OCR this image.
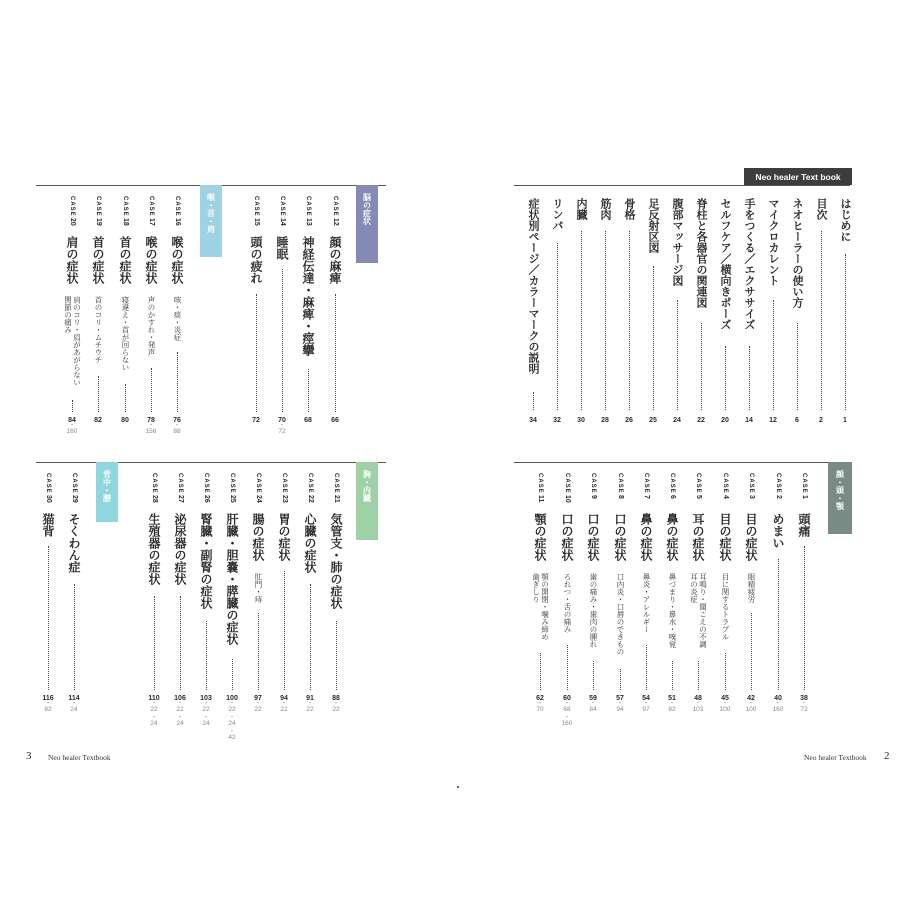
脳の症状
喉・首・肩
胸・内臓
背中・腰
CASE
12
顔の麻痺
66
CASE
13
神経伝達・麻痺・痙攣
68
CASE
14
睡眠
70
・
72
CASE
15
頭の疲れ
72
CASE
16
喉の症状
咳・痰・炎症
76
・
88
CASE
17
喉の症状
声のかすれ・発声
78
・
156
CASE
18
首の症状
寝違え・首が回らない
80
CASE
19
首の症状
首のコリ・ムチウチ
82
CASE
20
肩の症状
肩のコリ・肩があがらない
関節の痛み
84
・
160
CASE
21
気管支・肺の症状
88
・
22
CASE
22
心臓の症状
91
・
22
CASE
23
胃の症状
94
・
22
CASE
24
腸の症状
肛門・痔
97
・
22
CASE
25
肝臓・胆嚢・膵臓の症状
100
・
22
・
24
・
42
CASE
26
腎臓・副腎の症状
103
・
22
・
24
CASE
27
泌尿器の症状
106
・
22
・
24
CASE
28
生殖器の症状
110
・
22
・
24
CASE
29
そくわん症
114
・
24
CASE
30
猫背
116
・
82
3 Neo healer Textbook
Neo healer Text book
顔・頭・顎
はじめに
1
目次
2
ネオヒーラーの使い方
6
マイクロカレント
12
手をつくる／エクササイズ
14
セルフケア／横向きポーズ
20
脊柱と各器官の関連図
22
腹部マッサージ図
24
足反射区図
25
骨格
26
筋肉
28
内臓
30
リンパ
32
症状別ページ／カラーマークの説明
34
CASE
1
頭痛
38
・
72
CASE
2
めまい
40
・
160
CASE
3
目の症状
眼精疲労
42
・
100
CASE
4
目の症状
目に関するトラブル
45
・
100
CASE
5
耳の症状
耳鳴り・聞こえの不調
耳の炎症
48
・
103
CASE
6
鼻の症状
鼻づまり・鼻水・嗅覚
51
・
82
CASE
7
鼻の症状
鼻炎・アレルギー
54
・
97
CASE
8
口の症状
口内炎・口唇のできもの
57
・
94
CASE
9
口の症状
歯の痛み・歯肉の腫れ
59
・
84
CASE
10
口の症状
ろれつ・舌の痛み
60
・
68
・
160
CASE
11
顎の症状
顎の開閉・噛み締め
歯ぎしり
62
・
70
Neo healer Textbook 2
